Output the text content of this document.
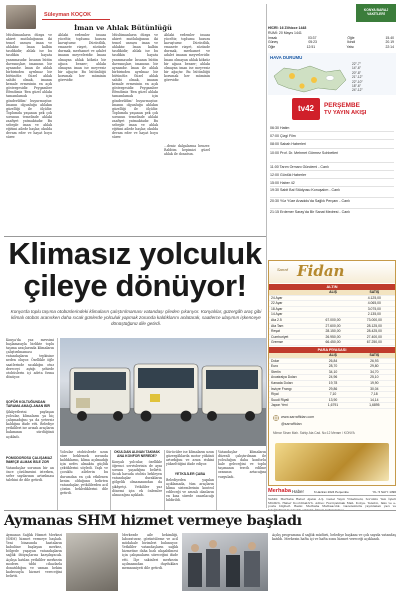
Süleyman KOÇOK
İman ve Ahlak Bütünlüğü
Müslümanların dünya ve ahiret mutluluğunun iki temel unsuru iman ve ahlaktır. İman kalbin tasdikidir; ahlak ise bu tasdikin hayata yansımasıdır. İnsanın bütün davranışları imanının bir aynasıdır. İman ile ahlak birbirinden ayrılmaz bir bütündür. Güzel ahlak sahibi olmak, imanın kemale ermesinin en açık göstergesidir. Peygamber Efendimiz 'Ben güzel ahlakı tamamlamak için gönderildim' buyurmuştur. İmanın olgunluğu ahlakın güzelliği ile ölçülür. Toplumda yaşanan pek çok sorunun temelinde ahlaki zaafiyet yatmaktadır. Bu sebeple iman ve ahlak eğitimi ailede başlar, okulda devam eder ve hayat boyu sürer.
Ahlaki erdemler insanı yüceltir, toplumu huzura kavuşturur. Dürüstlük, emanete riayet, sözünde durmak, merhamet ve adalet imanın meyveleridir. İmanı olmayan ahlak köksüz bir ağaca benzer; ahlakı olmayan iman ise meyvesiz bir ağaçtır. Bu bütünlüğü korumak her müminin görevidir.
Müslümanların dünya ve ahiret mutluluğunun iki temel unsuru iman ve ahlaktır. İman kalbin tasdikidir; ahlak ise bu tasdikin hayata yansımasıdır. İnsanın bütün davranışları imanının bir aynasıdır. İman ile ahlak birbirinden ayrılmaz bir bütündür. Güzel ahlak sahibi olmak, imanın kemale ermesinin en açık göstergesidir. Peygamber Efendimiz 'Ben güzel ahlakı tamamlamak için gönderildim' buyurmuştur. İmanın olgunluğu ahlakın güzelliği ile ölçülür. Toplumda yaşanan pek çok sorunun temelinde ahlaki zaafiyet yatmaktadır. Bu sebeple iman ve ahlak eğitimi ailede başlar, okulda devam eder ve hayat boyu sürer.
Ahlaki erdemler insanı yüceltir, toplumu huzura kavuşturur. Dürüstlük, emanete riayet, sözünde durmak, merhamet ve adalet imanın meyveleridir. İmanı olmayan ahlak köksüz bir ağaca benzer; ahlakı olmayan iman ise meyvesiz bir ağaçtır. Bu bütünlüğü korumak her müminin görevidir.
...deniz dalgalarına benzer. Rabbim hepimizi güzel ahlak ile donatsın.
KONYA BARAJ
VAKİTLERİ
HİCRİ: 16 Zilhicce 1448
RUMİ: 20 Mayıs 1441
İmsak	03:37	Öğle	15.40
Güneş	05:23	İkindi	20.19
Öğle	12:51	Yatsı	22:14
HAVA DURUMU
22°-7°
14°-6°
20°-8°
21°-12°
22°-10°
18°-6°
24°-12°
tv42	PERŞEMBE
TV YAYIN AKIŞI
06:30 Hatim
07:00 Çizgi Film
08:00 Sabah Haberleri
10:00 Prof. Dr. Mehmet Görmez Sohbetleri
11:00 Tarım Ormanı Gündemi - Canlı
12:00 Günlük Haberler
15:00 Haber 42
19:30 Sabit Bal Stüdyosu Konuşalım - Canlı
20:30 Yüz Yüze Anadolu'da Sağlık Perçanı - Canlı
21:15 Erdemer Saray'da Bir Sanat Medresi - Canlı
Klimasız yolculuk
çileye dönüyor!
Konya'da toplu taşıma otobüslerindeki klimaların çalıştırılmaması vatandaşı çileden çıkarıyor. Konyalılar, güzergâh araç gibi klimalı otobüs aranırken daha sıcak günlerde yolculuk yapmak zorunda kaldıklarını anlatarak, saatlerce ulaşımın işkenceye dönüştüğünü dile getirdi.
Konya'da yaz mevsimi başlamasıyla birlikte toplu taşıma araçlarında klimaların çalıştırılmaması vatandaşların tepkisine neden oluyor. Özellikle öğle saatlerinde sıcaklığın otuz dereceyi aştığı şehirde otobüslerin içi adeta fırına dönüyor.
ŞOFÖR KOLTUĞUNDAN
TARAMA AMAÇLANAN BİR
Şikâyetlerini paylaşan yolcular, klimaların ya hiç çalışmadığını ya da yetersiz kaldığını ifade etti. Belediye yetkilileri ise arızalı araçların bakımının sürdüğünü açıkladı.
POMODOROSU ÇALIŞAMAZ
İNMEÇE ALMAK BİLE ZOR
Vatandaşlar sorunun bir an önce çözülmesini isterken, sefer sayılarının artırılması talebini de dile getirdi.
Yolcular otobüslerde uzun süre beklemek zorunda kaldıklarını, klima açılmadığı için nefes almakta güçlük çektiklerini söyledi. Yaşlı ve çocuklu ailelerin bu durumdan en çok etkilenen kesim olduğunu belirten vatandaşlar, yetkililerden acil çözüm beklediklerini dile getirdi.
OKULDAN ALINAN TAKMAK
ANA KONFOR NEREDE?
Konyalı yolcular, özellikle öğrenci servislerinin de aynı sorunu yaşadığını belirtti. Sıcak havada otobüs bekleyen vatandaşlar durakların gölgelik olmamasından da şikâyetçi. Yetkililer yaz dönemi için ek önlemler alınacağını açıkladı.
Sürücüler ise klimaların uzun güzergâhlarda motor yükünü artırdığını ve arıza riskini yükselttiğini ifade ediyor.
YETKİLİLER ÇABA
Belediyeden yapılan açıklamada, tüm araçların klima sistemlerinin kontrol edileceği ve arızalı olanların en kısa sürede onarılacağı bildirildi.
Vatandaşlar klimaların düzenli çalıştırılması ile yolculuğun daha konforlu hale geleceğini ve toplu taşımanın tercih edilme oranının artacağını vurguladı.
Sarraf Fidan
ALTIN
ALIŞ	SATIŞ
24 Ayar	4.125,00
22 Ayar	4.065,00
18 Ayar	3.075,00
14 Ayar	2.135,00
Ata 2.5	67.000,00	73.000,00
Ata Tam	27.600,00	28.125,00
Reşat	28.150,00	28.425,00
Cumhuriyet	26.950,00	27.400,00
Gremse	66.450,00	67.250,00
PARA PİYASASI
ALIŞ	SATIŞ
Dolar	26,84	26,93
Euro	28,70	29,80
Sterlin	34,10	34,70
Avustralya Doları	24,96	25,10
Kanada Doları	19,78	19,90
İsviçre Frangı	29,86	30,04
Riyal	7,10	7,18
Suudi Riyali	13,90	14,14
Japon Yeni	1,6791	1,6895
www.sarraffidan.com
@sarraffidan
Mimar Sinan Mah. Sahip Ata Cad. No:12 Meram / KONYA
Merhaba Haber	6 Haziran 2024 Perşembe	YIL: 5 SAYI: 1396
Sahibi: Merhaba Haber Ajansı A.Ş. Genel Yayın Yönetmeni, Sorumlu Yazı İşleri Müdürü, Haber Koordinatörü. Adres: Fevziçakmak Mah. Konya. Telefon, faks ve e-posta bilgileri. Baskı: Merhaba Matbaacılık. Gazetemizde yayınlanan yazı ve fotoğrafların her hakkı saklıdır. İzinsiz kullanılamaz.
Aymanas SHM hizmet vermeye başladı
Aymanas Sağlık Hizmet Merkezi (SHM) hizmet vermeye başladı. Yeni binasında hastaların kabulüne başlayan merkez, bölgede yaşayan vatandaşların sağlık ihtiyaçlarını karşılayacak. Açılışa katılan yetkililer merkezin modern tıbbi cihazlarla donatıldığını ve uzman hekim kadrosuyla hizmet vereceğini belirtti.
Merkezde aile hekimliği, laboratuvar, görüntüleme ve acil müdahale birimleri bulunuyor. Yetkililer vatandaşların sağlık hizmetine daha hızlı ulaşabilmesi için çalışmaların süreceğini ifade etti. İlçe sakinleri merkezin açılmasından duydukları memnuniyeti dile getirdi.
Açılış programına il sağlık müdürü, belediye başkanı ve çok sayıda vatandaş katıldı. Merkezin hafta içi ve hafta sonu hizmet vereceği açıklandı.
